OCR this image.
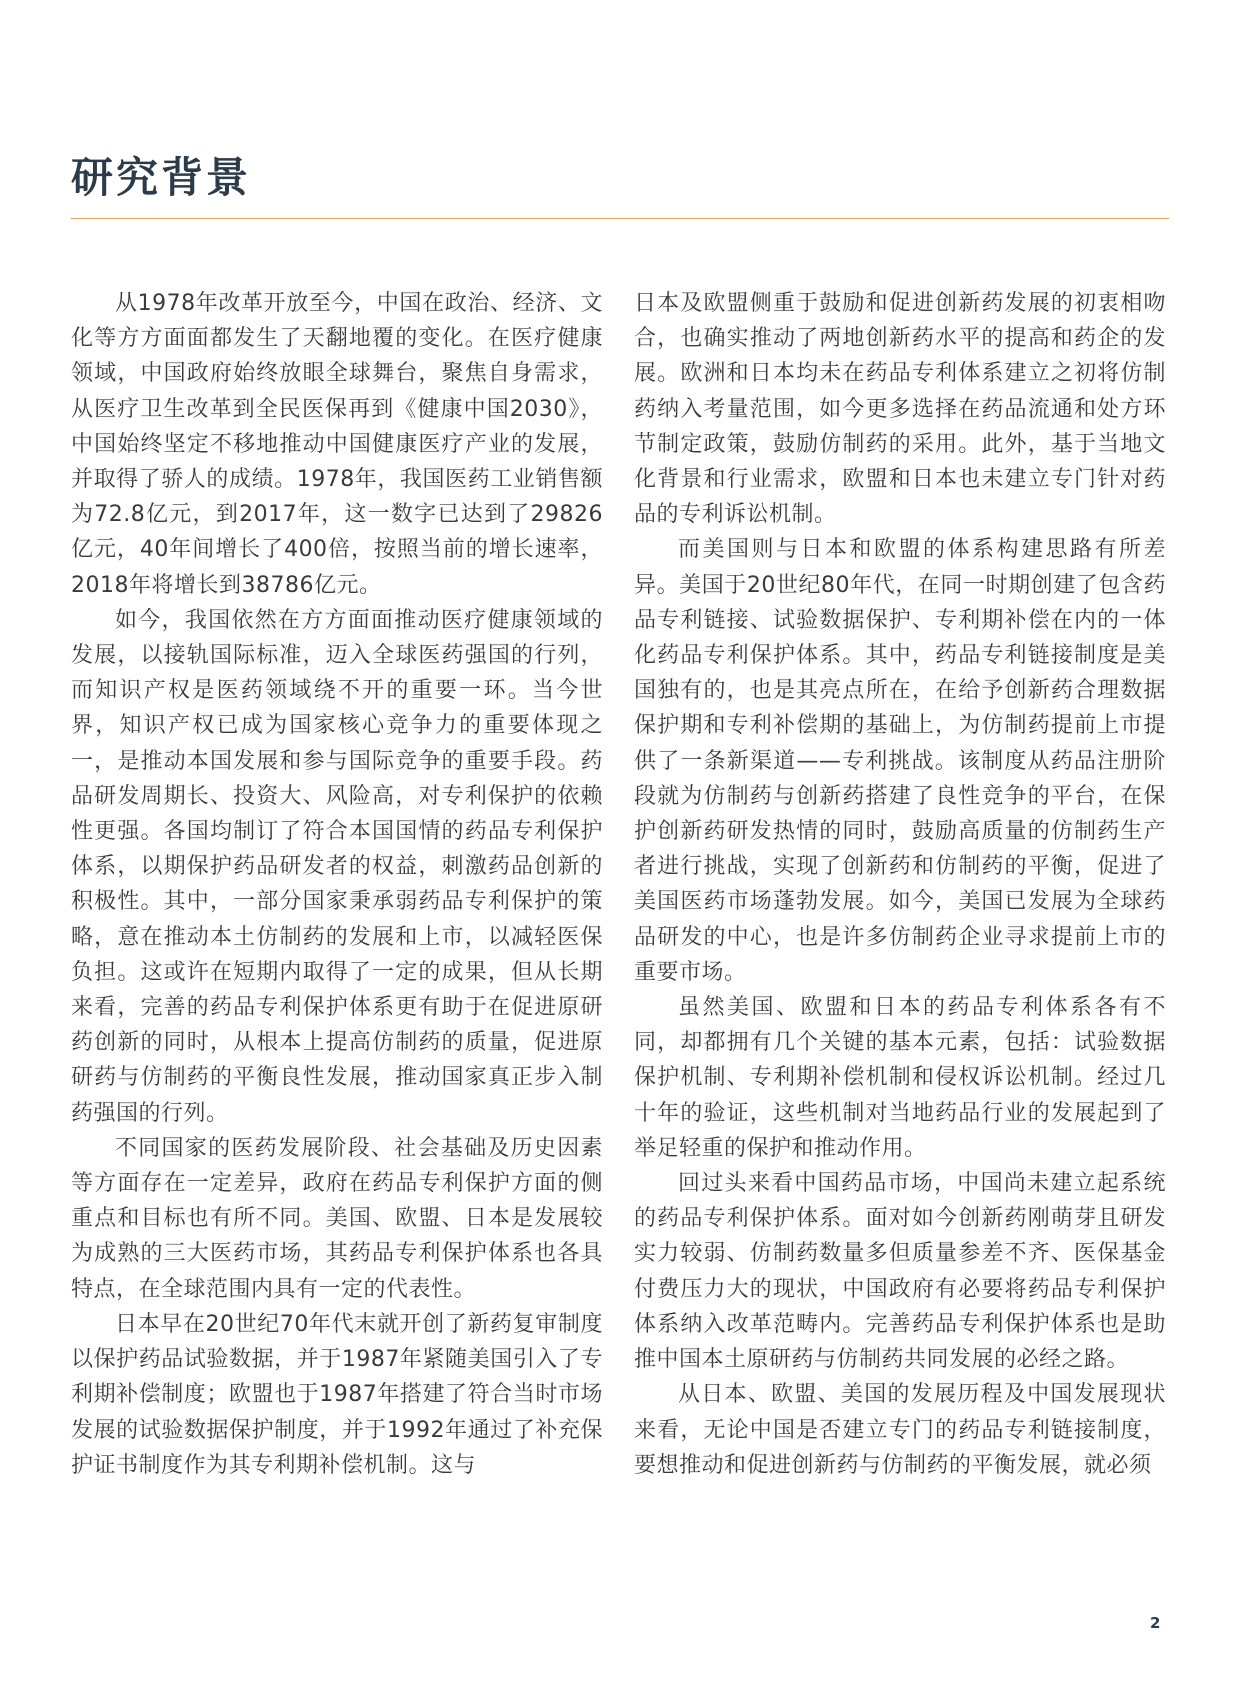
研究背景

从1978年改革开放至今，中国在政治、经济、文化等方方面面都发生了天翻地覆的变化。在医疗健康领域，中国政府始终放眼全球舞台，聚焦自身需求，从医疗卫生改革到全民医保再到《健康中国2030》，中国始终坚定不移地推动中国健康医疗产业的发展，并取得了骄人的成绩。1978年，我国医药工业销售额为72.8亿元，到2017年，这一数字已达到了29826亿元，40年间增长了400倍，按照当前的增长速率，2018年将增长到38786亿元。

如今，我国依然在方方面面推动医疗健康领域的发展，以接轨国际标准，迈入全球医药强国的行列，而知识产权是医药领域绕不开的重要一环。当今世界，知识产权已成为国家核心竞争力的重要体现之一，是推动本国发展和参与国际竞争的重要手段。药品研发周期长、投资大、风险高，对专利保护的依赖性更强。各国均制订了符合本国国情的药品专利保护体系，以期保护药品研发者的权益，刺激药品创新的积极性。其中，一部分国家秉承弱药品专利保护的策略，意在推动本土仿制药的发展和上市，以减轻医保负担。这或许在短期内取得了一定的成果，但从长期来看，完善的药品专利保护体系更有助于在促进原研药创新的同时，从根本上提高仿制药的质量，促进原研药与仿制药的平衡良性发展，推动国家真正步入制药强国的行列。

不同国家的医药发展阶段、社会基础及历史因素等方面存在一定差异，政府在药品专利保护方面的侧重点和目标也有所不同。美国、欧盟、日本是发展较为成熟的三大医药市场，其药品专利保护体系也各具特点，在全球范围内具有一定的代表性。

日本早在20世纪70年代末就开创了新药复审制度以保护药品试验数据，并于1987年紧随美国引入了专利期补偿制度；欧盟也于1987年搭建了符合当时市场发展的试验数据保护制度，并于1992年通过了补充保护证书制度作为其专利期补偿机制。这与

日本及欧盟侧重于鼓励和促进创新药发展的初衷相吻合，也确实推动了两地创新药水平的提高和药企的发展。欧洲和日本均未在药品专利体系建立之初将仿制药纳入考量范围，如今更多选择在药品流通和处方环节制定政策，鼓励仿制药的采用。此外，基于当地文化背景和行业需求，欧盟和日本也未建立专门针对药品的专利诉讼机制。

而美国则与日本和欧盟的体系构建思路有所差异。美国于20世纪80年代，在同一时期创建了包含药品专利链接、试验数据保护、专利期补偿在内的一体化药品专利保护体系。其中，药品专利链接制度是美国独有的，也是其亮点所在，在给予创新药合理数据保护期和专利补偿期的基础上，为仿制药提前上市提供了一条新渠道——专利挑战。该制度从药品注册阶段就为仿制药与创新药搭建了良性竞争的平台，在保护创新药研发热情的同时，鼓励高质量的仿制药生产者进行挑战，实现了创新药和仿制药的平衡，促进了美国医药市场蓬勃发展。如今，美国已发展为全球药品研发的中心，也是许多仿制药企业寻求提前上市的重要市场。

虽然美国、欧盟和日本的药品专利体系各有不同，却都拥有几个关键的基本元素，包括：试验数据保护机制、专利期补偿机制和侵权诉讼机制。经过几十年的验证，这些机制对当地药品行业的发展起到了举足轻重的保护和推动作用。

回过头来看中国药品市场，中国尚未建立起系统的药品专利保护体系。面对如今创新药刚萌芽且研发实力较弱、仿制药数量多但质量参差不齐、医保基金付费压力大的现状，中国政府有必要将药品专利保护体系纳入改革范畴内。完善药品专利保护体系也是助推中国本土原研药与仿制药共同发展的必经之路。

从日本、欧盟、美国的发展历程及中国发展现状来看，无论中国是否建立专门的药品专利链接制度，要想推动和促进创新药与仿制药的平衡发展，就必须

2
